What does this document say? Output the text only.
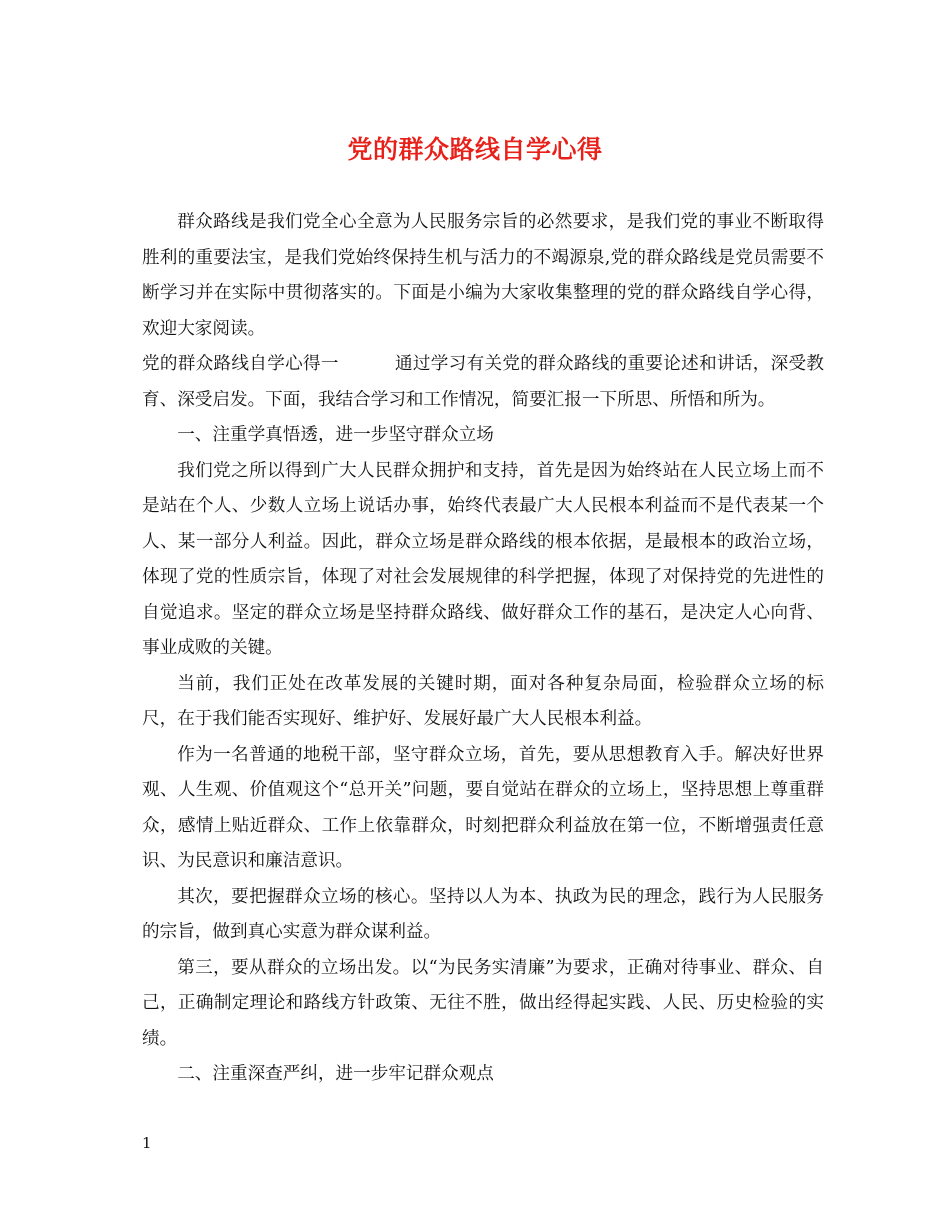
党的群众路线自学心得

群众路线是我们党全心全意为人民服务宗旨的必然要求，是我们党的事业不断取得胜利的重要法宝，是我们党始终保持生机与活力的不竭源泉,党的群众路线是党员需要不断学习并在实际中贯彻落实的。下面是小编为大家收集整理的党的群众路线自学心得，欢迎大家阅读。

党的群众路线自学心得一	通过学习有关党的群众路线的重要论述和讲话，深受教育、深受启发。下面，我结合学习和工作情况，简要汇报一下所思、所悟和所为。

一、注重学真悟透，进一步坚守群众立场

我们党之所以得到广大人民群众拥护和支持，首先是因为始终站在人民立场上而不是站在个人、少数人立场上说话办事，始终代表最广大人民根本利益而不是代表某一个人、某一部分人利益。因此，群众立场是群众路线的根本依据，是最根本的政治立场，体现了党的性质宗旨，体现了对社会发展规律的科学把握，体现了对保持党的先进性的自觉追求。坚定的群众立场是坚持群众路线、做好群众工作的基石，是决定人心向背、事业成败的关键。

当前，我们正处在改革发展的关键时期，面对各种复杂局面，检验群众立场的标尺，在于我们能否实现好、维护好、发展好最广大人民根本利益。

作为一名普通的地税干部，坚守群众立场，首先，要从思想教育入手。解决好世界观、人生观、价值观这个“总开关”问题，要自觉站在群众的立场上，坚持思想上尊重群众，感情上贴近群众、工作上依靠群众，时刻把群众利益放在第一位，不断增强责任意识、为民意识和廉洁意识。

其次，要把握群众立场的核心。坚持以人为本、执政为民的理念，践行为人民服务的宗旨，做到真心实意为群众谋利益。

第三，要从群众的立场出发。以“为民务实清廉”为要求，正确对待事业、群众、自己，正确制定理论和路线方针政策、无往不胜，做出经得起实践、人民、历史检验的实绩。

二、注重深查严纠，进一步牢记群众观点

1
